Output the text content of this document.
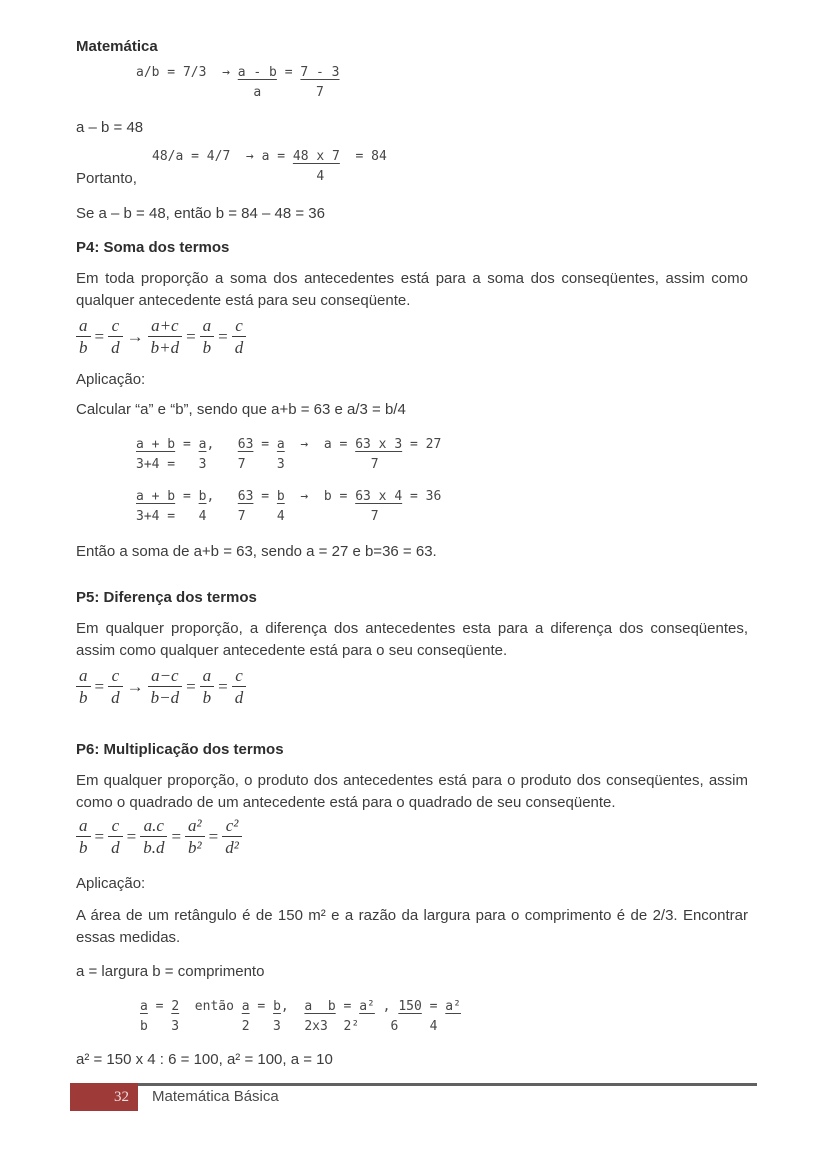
Matemática

a/b = 7/3  → a - b = 7 - 3
a       7

a – b = 48

48/a = 4/7  → a = 48 x 7  = 84
4
Portanto,

Se a – b = 48, então b = 84 – 48 = 36

P4: Soma dos termos

Em toda proporção a soma dos antecedentes está para a soma dos conseqüentes, assim como qualquer antecedente está para seu conseqüente.

$\frac{a}{b} = \frac{c}{d} \to \frac{a+c}{b+d} = \frac{a}{b} = \frac{c}{d}$

Aplicação:

Calcular “a” e “b”, sendo que a+b = 63 e a/3 = b/4

a + b = a,   63 = a  →  a = 63 x 3 = 27
3+4 =   3    7    3           7
a + b = b,   63 = b  →  b = 63 x 4 = 36
3+4 =   4    7    4           7

Então a soma de a+b = 63, sendo a = 27 e b=36 = 63.

P5: Diferença dos termos

Em qualquer proporção, a diferença dos antecedentes esta para a diferença dos conseqüentes, assim como qualquer antecedente está para o seu conseqüente.

$\frac{a}{b} = \frac{c}{d} \to \frac{a-c}{b-d} = \frac{a}{b} = \frac{c}{d}$
P6: Multiplicação dos termos

Em qualquer proporção, o produto dos antecedentes está para o produto dos conseqüentes, assim como o quadrado de um antecedente está para o quadrado de seu conseqüente.

$\frac{a}{b} = \frac{c}{d} = \frac{a.c}{b.d} = \frac{\text{a²}}{\text{b²}} = \frac{\text{c²}}{\text{d²}}$

Aplicação:

A área de um retângulo é de 150 m² e a razão da largura para o comprimento é de 2/3. Encontrar essas medidas.

a = largura b = comprimento

a = 2  então a = b,  a  b = a² , 150 = a²
b   3        2   3   2x3  2²    6    4

a² = 150 x 4 : 6 = 100, a² = 100, a = 10

32	Matemática Básica
